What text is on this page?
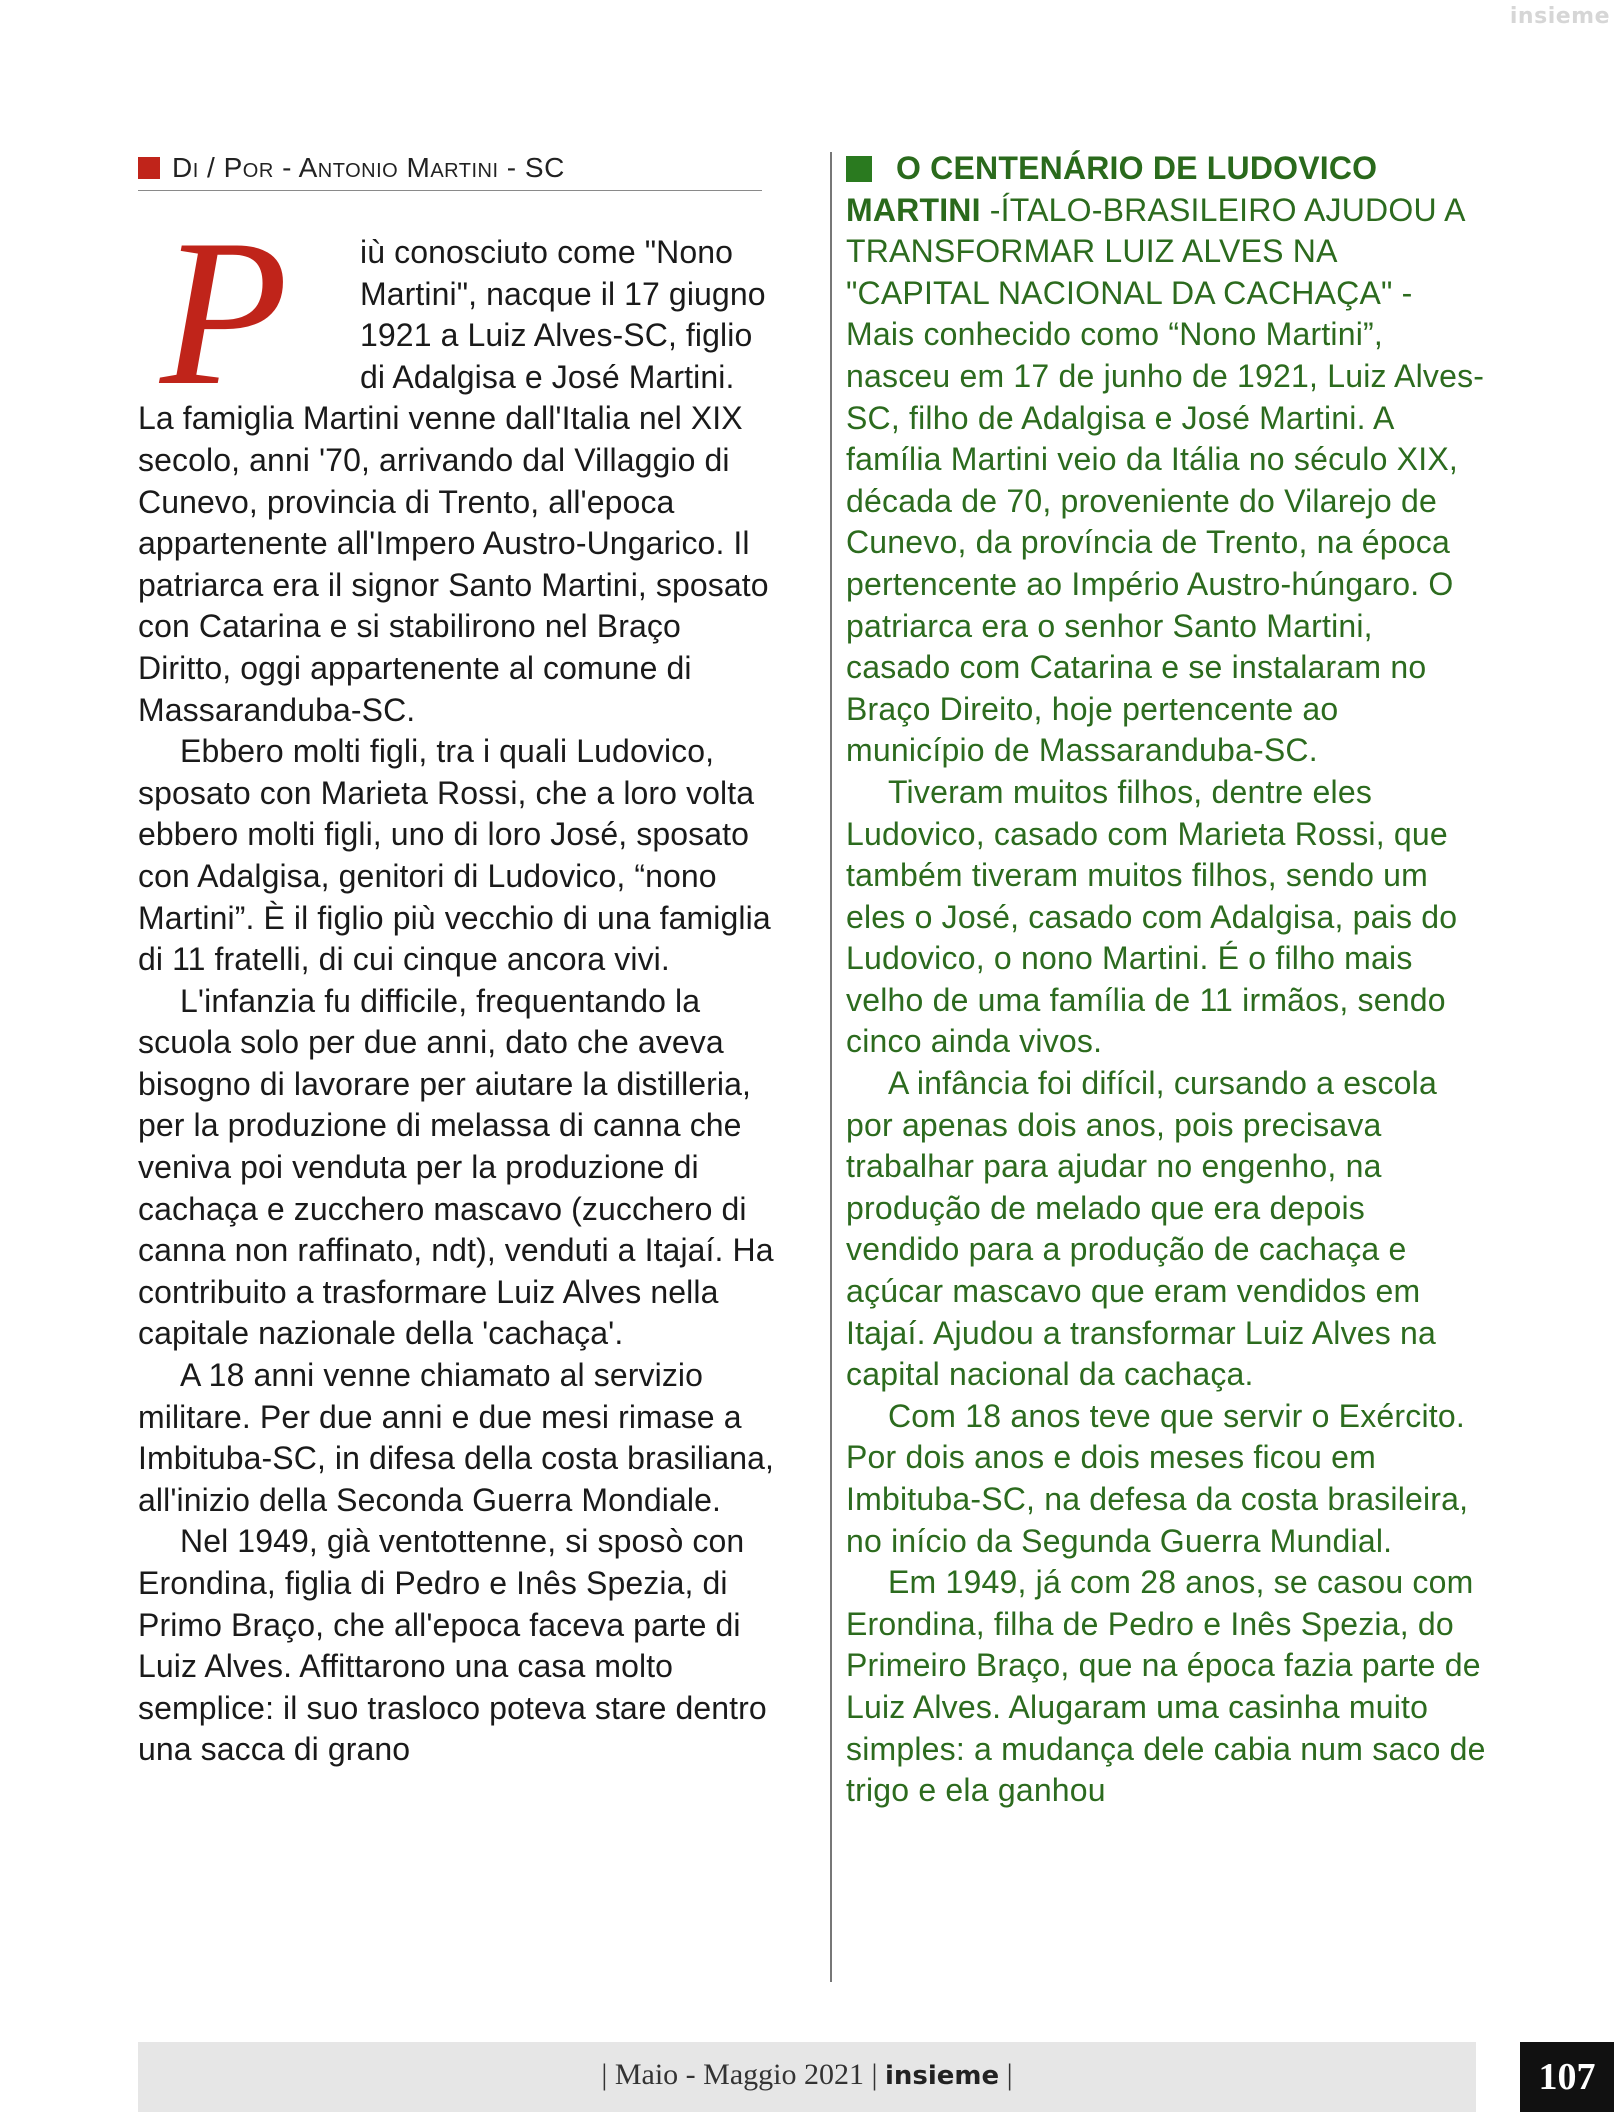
insieme
Di / Por - Antonio Martini - SC
P	iù conosciuto come "Nono Martini", nacque il 17 giugno 1921 a Luiz Alves-SC, figlio di Adalgisa e José Martini. La famiglia Martini venne dall'Italia nel XIX secolo, anni '70, arrivando dal Villaggio di Cunevo, provincia di Trento, all'epoca appartenente all'Impero Austro-Ungarico. Il patriarca era il signor Santo Martini, sposato con Catarina e si stabilirono nel Braço Diritto, oggi appartenente al comune di Massaranduba-SC.

Ebbero molti figli, tra i quali Ludovico, sposato con Marieta Rossi, che a loro volta ebbero molti figli, uno di loro José, sposato con Adalgisa, genitori di Ludovico, “nono Martini”. È il figlio più vecchio di una famiglia di 11 fratelli, di cui cinque ancora vivi.

L'infanzia fu difficile, frequentando la scuola solo per due anni, dato che aveva bisogno di lavorare per aiutare la distilleria, per la produzione di melassa di canna che veniva poi venduta per la produzione di cachaça e zucchero mascavo (zucchero di canna non raffinato, ndt), venduti a Itajaí. Ha contribuito a trasformare Luiz Alves nella capitale nazionale della 'cachaça'.

A 18 anni venne chiamato al servizio militare. Per due anni e due mesi rimase a Imbituba-SC, in difesa della costa brasiliana, all'inizio della Seconda Guerra Mondiale.

Nel 1949, già ventottenne, si sposò con Erondina, figlia di Pedro e Inês Spezia, di Primo Braço, che all'epoca faceva parte di Luiz Alves. Affittarono una casa molto semplice: il suo trasloco poteva stare dentro una sacca di grano

O CENTENÁRIO DE LUDOVICO MARTINI -ÍTALO-BRASILEIRO AJUDOU A TRANSFORMAR LUIZ ALVES NA "CAPITAL NACIONAL DA CACHAÇA" - Mais conhecido como “Nono Martini”, nasceu em 17 de junho de 1921, Luiz Alves-SC, filho de Adalgisa e José Martini. A família Martini veio da Itália no século XIX, década de 70, proveniente do Vilarejo de Cunevo, da província de Trento, na época pertencente ao Império Austro-húngaro. O patriarca era o senhor Santo Martini, casado com Catarina e se instalaram no Braço Direito, hoje pertencente ao município de Massaranduba-SC.

Tiveram muitos filhos, dentre eles Ludovico, casado com Marieta Rossi, que também tiveram muitos filhos, sendo um eles o José, casado com Adalgisa, pais do Ludovico, o nono Martini. É o filho mais velho de uma família de 11 irmãos, sendo cinco ainda vivos.

A infância foi difícil, cursando a escola por apenas dois anos, pois precisava trabalhar para ajudar no engenho, na produção de melado que era depois vendido para a produção de cachaça e açúcar mascavo que eram vendidos em Itajaí. Ajudou a transformar Luiz Alves na capital nacional da cachaça.

Com 18 anos teve que servir o Exército. Por dois anos e dois meses ficou em Imbituba-SC, na defesa da costa brasileira, no início da Segunda Guerra Mundial.

Em 1949, já com 28 anos, se casou com Erondina, filha de Pedro e Inês Spezia, do Primeiro Braço, que na época fazia parte de Luiz Alves. Alugaram uma casinha muito simples: a mudança dele cabia num saco de trigo e ela ganhou

| Maio - Maggio 2021 | insieme |	107
